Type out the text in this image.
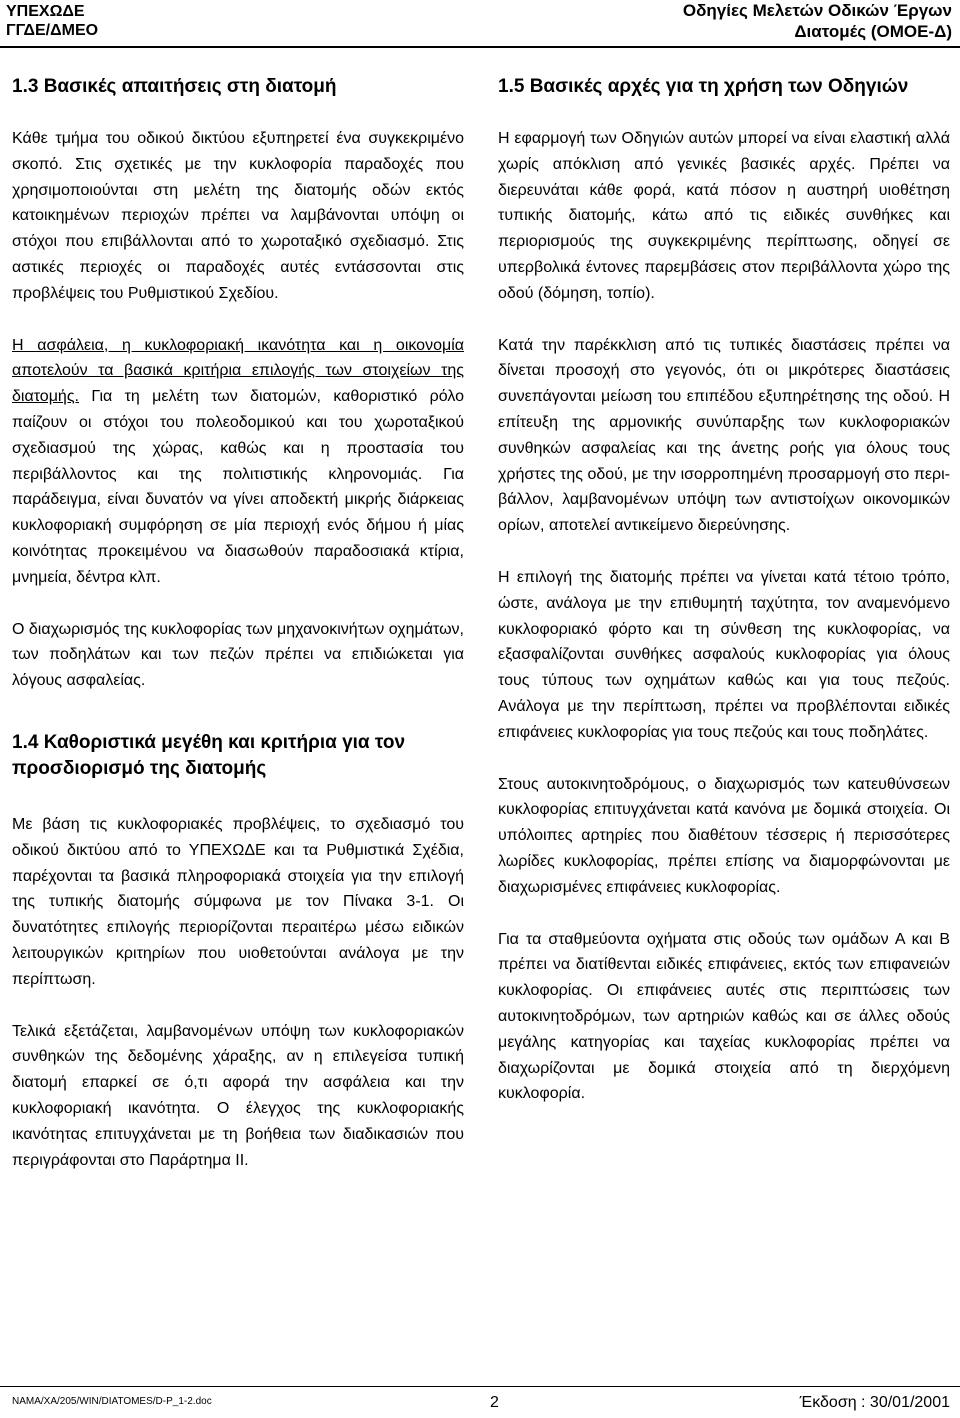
ΥΠΕΧΩΔΕ
ΓΓΔΕ/ΔΜΕΟ
Οδηγίες Μελετών Οδικών Έργων
Διατομές (ΟΜΟΕ-Δ)
1.3 Βασικές απαιτήσεις στη διατομή

Κάθε τμήμα του οδικού δικτύου εξυπηρετεί ένα συγκεκριμένο σκοπό. Στις σχετικές με την κυκλοφορία παραδοχές που χρησιμοποιούνται στη μελέτη της διατομής οδών εκτός κατοικημένων περιοχών πρέπει να λαμβάνονται υπόψη οι στόχοι που επιβάλλονται από το χωροταξικό σχεδιασμό. Στις αστικές περιοχές οι παραδοχές αυτές εντάσσονται στις προβλέψεις του Ρυθμιστικού Σχεδίου.

Η ασφάλεια, η κυκλοφοριακή ικανότητα και η οικονομία αποτελούν τα βασικά κριτήρια επιλογής των στοιχείων της διατομής. Για τη μελέτη των διατομών, καθοριστικό ρόλο παίζουν οι στόχοι του πολεοδομικού και του χωροταξικού σχεδιασμού της χώρας, καθώς και η προστασία του περιβάλλοντος και της πολιτιστικής κληρονομιάς. Για παράδειγμα, είναι δυνατόν να γίνει αποδεκτή μικρής διάρκειας κυκλοφοριακή συμφόρηση σε μία περιοχή ενός δήμου ή μίας κοινότητας προκειμένου να διασωθούν παραδοσιακά κτίρια, μνημεία, δέντρα κλπ.

Ο διαχωρισμός της κυκλοφορίας των μηχανοκινήτων οχημάτων, των ποδηλάτων και των πεζών πρέπει να επιδιώκεται για λόγους ασφαλείας.

1.4 Καθοριστικά μεγέθη και κριτήρια για τον προσδιορισμό της διατομής

Με βάση τις κυκλοφοριακές προβλέψεις, το σχεδιασμό του οδικού δικτύου από το ΥΠΕΧΩΔΕ και τα Ρυθμιστικά Σχέδια, παρέχονται τα βασικά πληροφοριακά στοιχεία για την επιλογή της τυπικής διατομής σύμφωνα με τον Πίνακα 3-1. Οι δυνατότητες επιλογής περιορίζονται περαιτέρω μέσω ειδικών λειτουργικών κριτηρίων που υιοθετούνται ανάλογα με την περίπτωση.

Τελικά εξετάζεται, λαμβανομένων υπόψη των κυκλοφοριακών συνθηκών της δεδομένης χάραξης, αν η επιλεγείσα τυπική διατομή επαρκεί σε ό,τι αφορά την ασφάλεια και την κυκλοφοριακή ικανότητα. Ο έλεγχος της κυκλοφοριακής ικανότητας επιτυγχάνεται με τη βοήθεια των διαδικασιών που περιγράφονται στο Παράρτημα ΙΙ.

1.5 Βασικές αρχές για τη χρήση των Οδηγιών

Η εφαρμογή των Οδηγιών αυτών μπορεί να είναι ελαστική αλλά χωρίς απόκλιση από γενικές βασικές αρχές. Πρέπει να διερευνάται κάθε φορά, κατά πόσον η αυστηρή υιοθέτηση τυπικής διατομής, κάτω από τις ειδικές συνθήκες και περιορισμούς της συγκεκριμένης περίπτωσης, οδηγεί σε υπερβολικά έντονες παρεμβάσεις στον περιβάλλοντα χώρο της οδού (δόμηση, τοπίο).

Κατά την παρέκκλιση από τις τυπικές διαστάσεις πρέπει να δίνεται προσοχή στο γεγονός, ότι οι μικρότερες διαστάσεις συνεπάγονται μείωση του επιπέδου εξυπηρέτησης της οδού. Η επίτευξη της αρμονικής συνύπαρξης των κυκλοφοριακών συνθηκών ασφαλείας και της άνετης ροής για όλους τους χρήστες της οδού, με την ισορροπημένη προσαρμογή στο περιβάλλον, λαμβανομένων υπόψη των αντιστοίχων οικονομικών ορίων, αποτελεί αντικείμενο διερεύνησης.

Η επιλογή της διατομής πρέπει να γίνεται κατά τέτοιο τρόπο, ώστε, ανάλογα με την επιθυμητή ταχύτητα, τον αναμενόμενο κυκλοφοριακό φόρτο και τη σύνθεση της κυκλοφορίας, να εξασφαλίζονται συνθήκες ασφαλούς κυκλοφορίας για όλους τους τύπους των οχημάτων καθώς και για τους πεζούς. Ανάλογα με την περίπτωση, πρέπει να προβλέπονται ειδικές επιφάνειες κυκλοφορίας για τους πεζούς και τους ποδηλάτες.

Στους αυτοκινητοδρόμους, ο διαχωρισμός των κατευθύνσεων κυκλοφορίας επιτυγχάνεται κατά κανόνα με δομικά στοιχεία. Οι υπόλοιπες αρτηρίες που διαθέτουν τέσσερις ή περισσότερες λωρίδες κυκλοφορίας, πρέπει επίσης να διαμορφώνονται με διαχωρισμένες επιφάνειες κυκλοφορίας.

Για τα σταθμεύοντα οχήματα στις οδούς των ομάδων Α και Β πρέπει να διατίθενται ειδικές επιφάνειες, εκτός των επιφανειών κυκλοφορίας. Οι επιφάνειες αυτές στις περιπτώσεις των αυτοκινητοδρόμων, των αρτηριών καθώς και σε άλλες οδούς μεγάλης κατηγορίας και ταχείας κυκλοφορίας πρέπει να διαχωρίζονται με δομικά στοιχεία από τη διερχόμενη κυκλοφορία.

NAMA/XA/205/WIN/DIATOMES/D-P_1-2.doc	2	Έκδοση : 30/01/2001
